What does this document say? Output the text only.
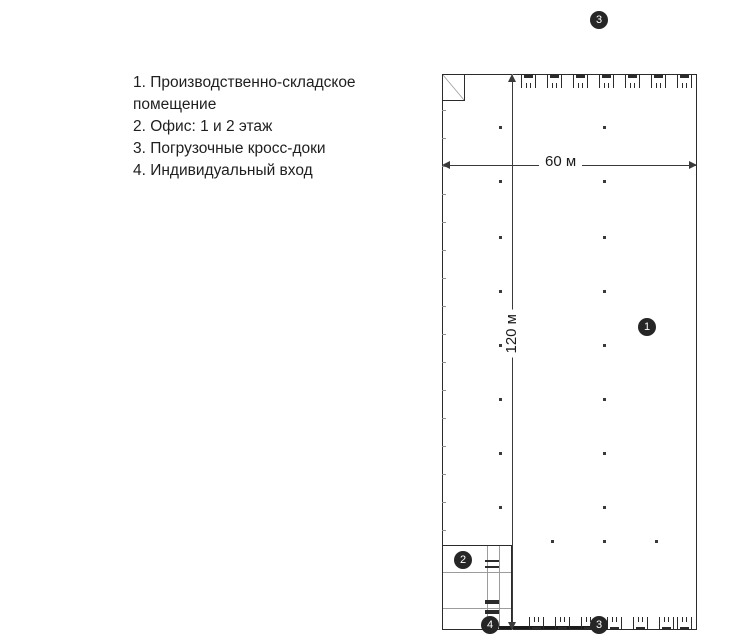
1. Производственно-складское помещение
2. Офис: 1 и 2 этаж
3. Погрузочные кросс-доки
4. Индивидуальный вход
60 м
120 м
3
1
2
4	3
